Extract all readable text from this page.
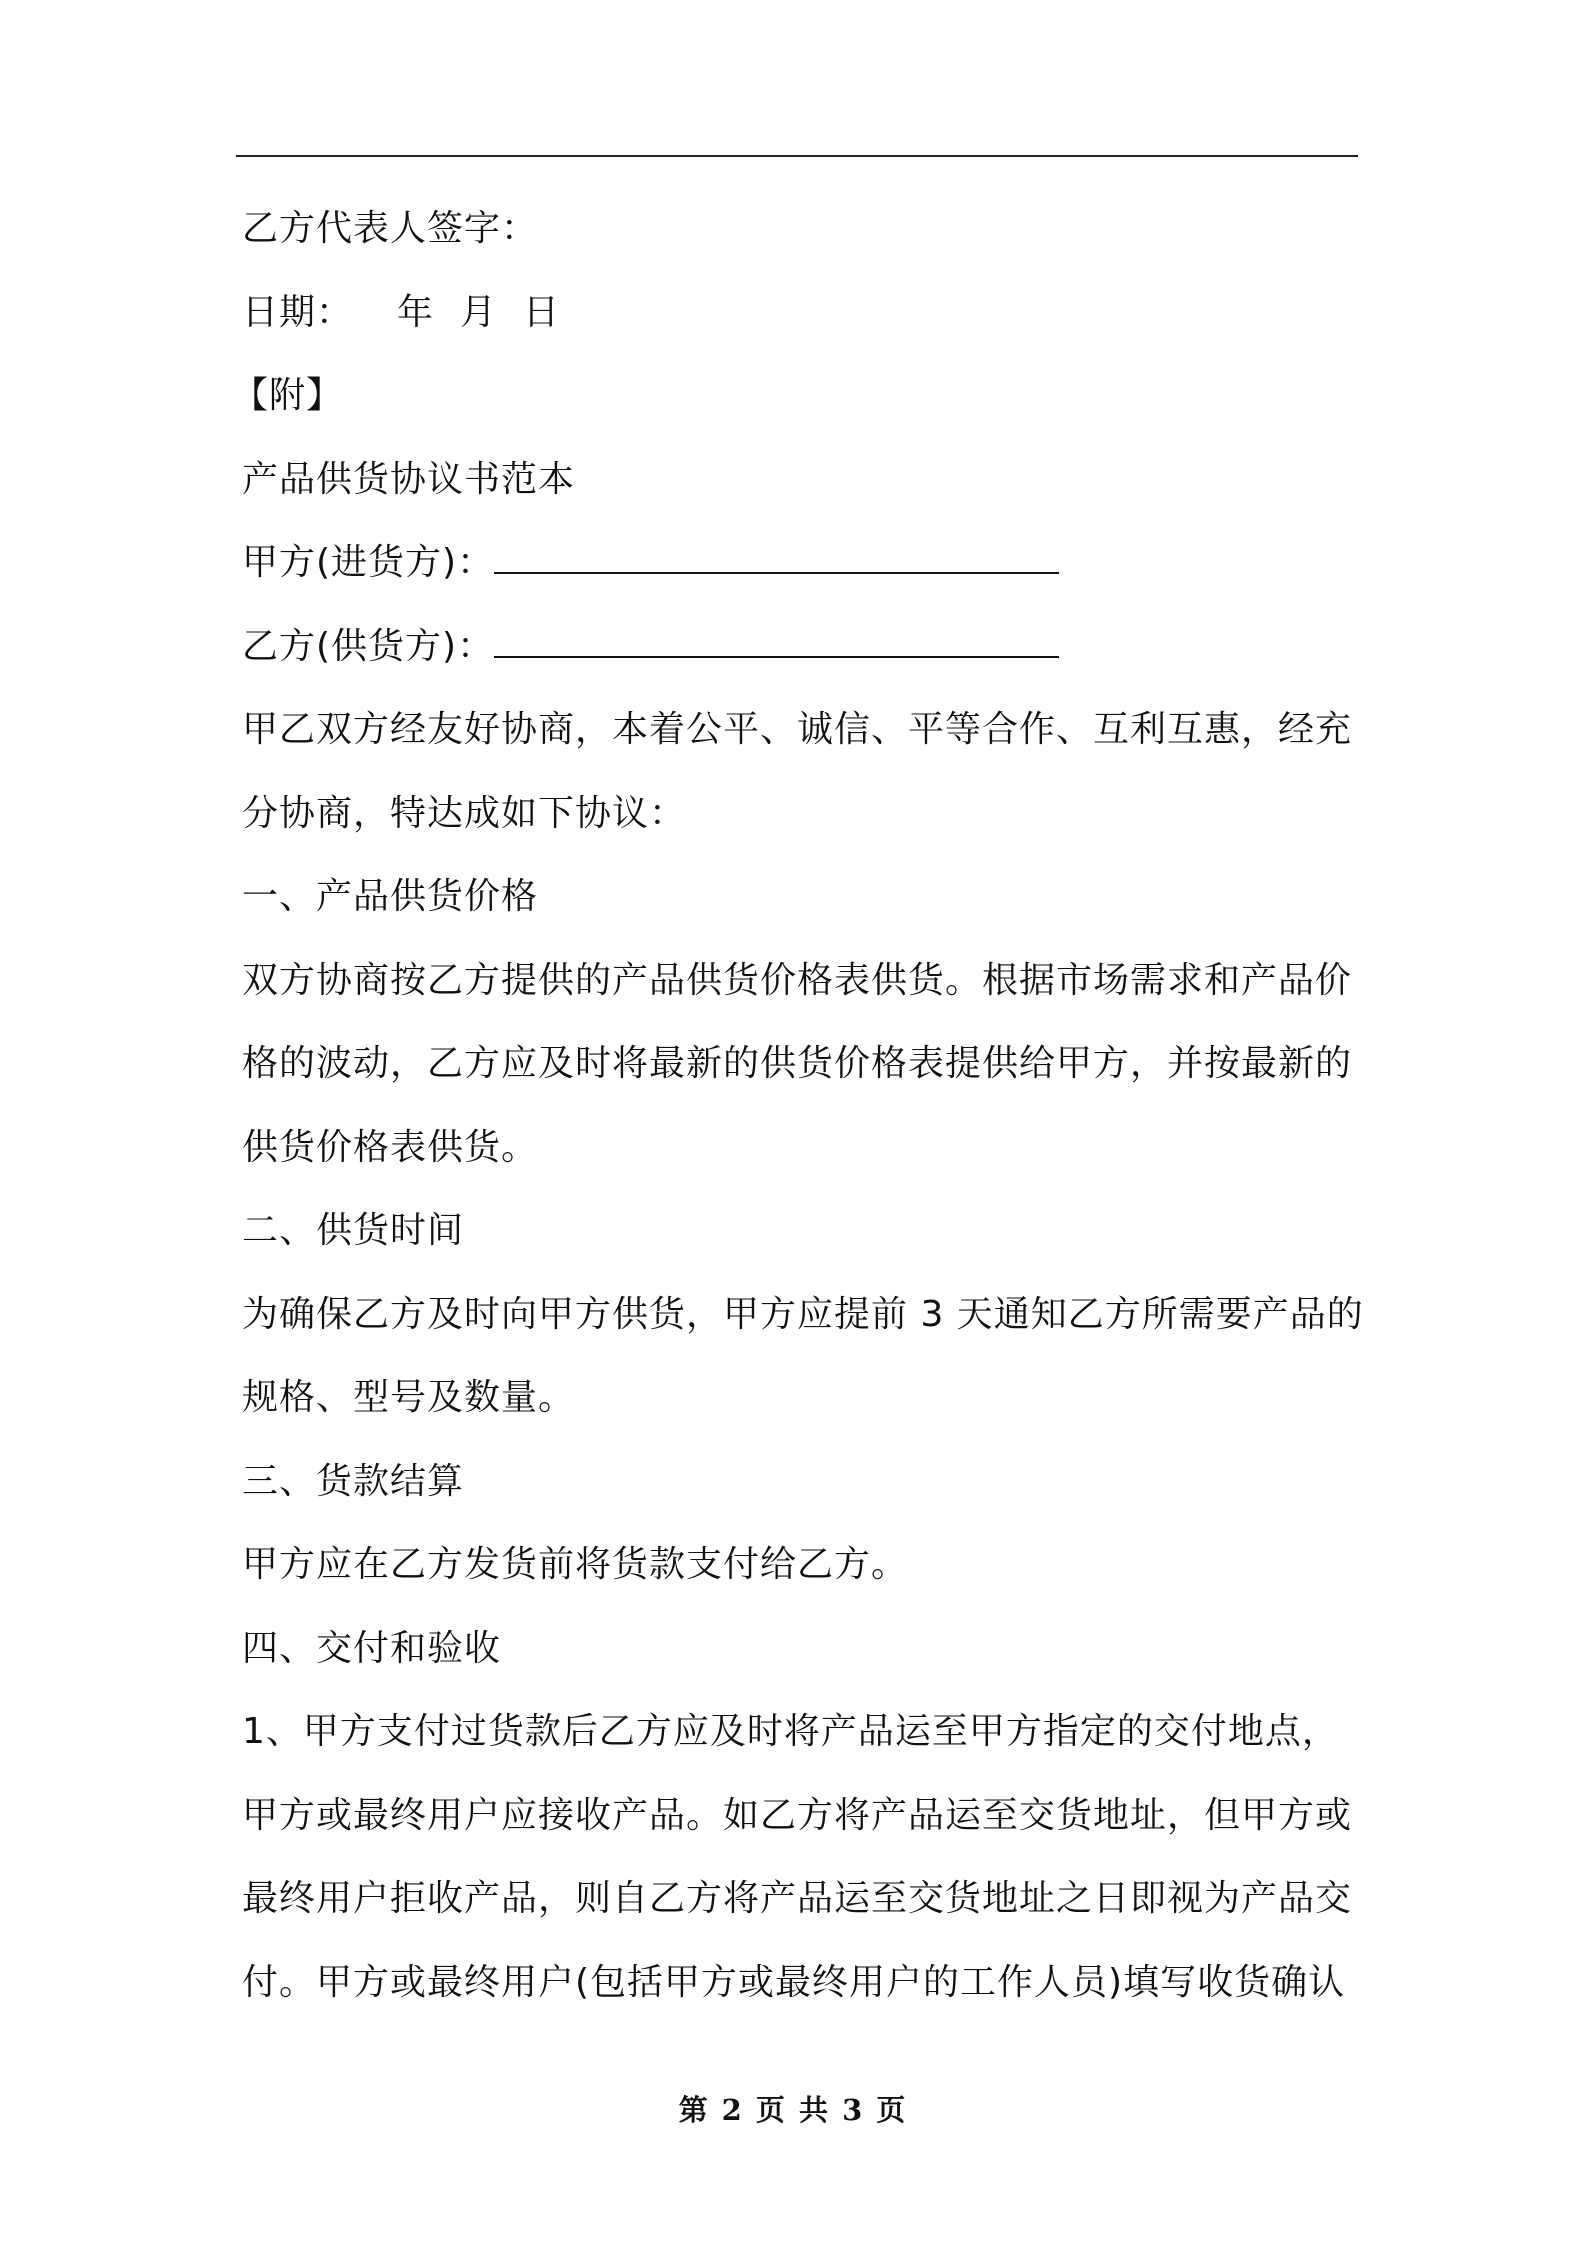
乙方代表人签字：
日期： 年 月 日
【附】
产品供货协议书范本
甲方(进货方)：
乙方(供货方)：
甲乙双方经友好协商，本着公平、诚信、平等合作、互利互惠，经充
分协商，特达成如下协议：
一、产品供货价格
双方协商按乙方提供的产品供货价格表供货。根据市场需求和产品价
格的波动，乙方应及时将最新的供货价格表提供给甲方，并按最新的
供货价格表供货。
二、供货时间
为确保乙方及时向甲方供货，甲方应提前 3 天通知乙方所需要产品的
规格、型号及数量。
三、货款结算
甲方应在乙方发货前将货款支付给乙方。
四、交付和验收
1、甲方支付过货款后乙方应及时将产品运至甲方指定的交付地点，
甲方或最终用户应接收产品。如乙方将产品运至交货地址，但甲方或
最终用户拒收产品，则自乙方将产品运至交货地址之日即视为产品交
付。甲方或最终用户(包括甲方或最终用户的工作人员)填写收货确认
第 2 页 共 3 页
